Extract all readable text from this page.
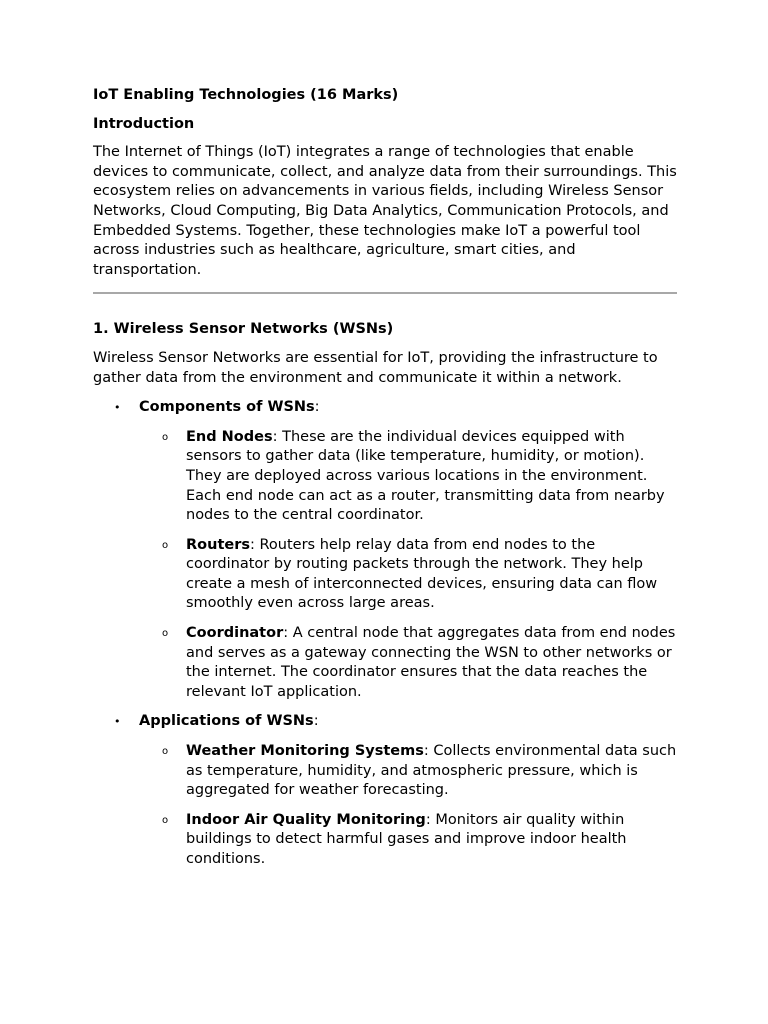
IoT Enabling Technologies (16 Marks)
Introduction

The Internet of Things (IoT) integrates a range of technologies that enable devices to communicate, collect, and analyze data from their surroundings. This ecosystem relies on advancements in various fields, including Wireless Sensor Networks, Cloud Computing, Big Data Analytics, Communication Protocols, and Embedded Systems. Together, these technologies make IoT a powerful tool across industries such as healthcare, agriculture, smart cities, and transportation.

1. Wireless Sensor Networks (WSNs)

Wireless Sensor Networks are essential for IoT, providing the infrastructure to gather data from the environment and communicate it within a network.

• Components of WSNs:
o End Nodes: These are the individual devices equipped with sensors to gather data (like temperature, humidity, or motion). They are deployed across various locations in the environment. Each end node can act as a router, transmitting data from nearby nodes to the central coordinator.
o Routers: Routers help relay data from end nodes to the coordinator by routing packets through the network. They help create a mesh of interconnected devices, ensuring data can flow smoothly even across large areas.
o Coordinator: A central node that aggregates data from end nodes and serves as a gateway connecting the WSN to other networks or the internet. The coordinator ensures that the data reaches the relevant IoT application.
• Applications of WSNs:
o Weather Monitoring Systems: Collects environmental data such as temperature, humidity, and atmospheric pressure, which is aggregated for weather forecasting.
o Indoor Air Quality Monitoring: Monitors air quality within buildings to detect harmful gases and improve indoor health conditions.
